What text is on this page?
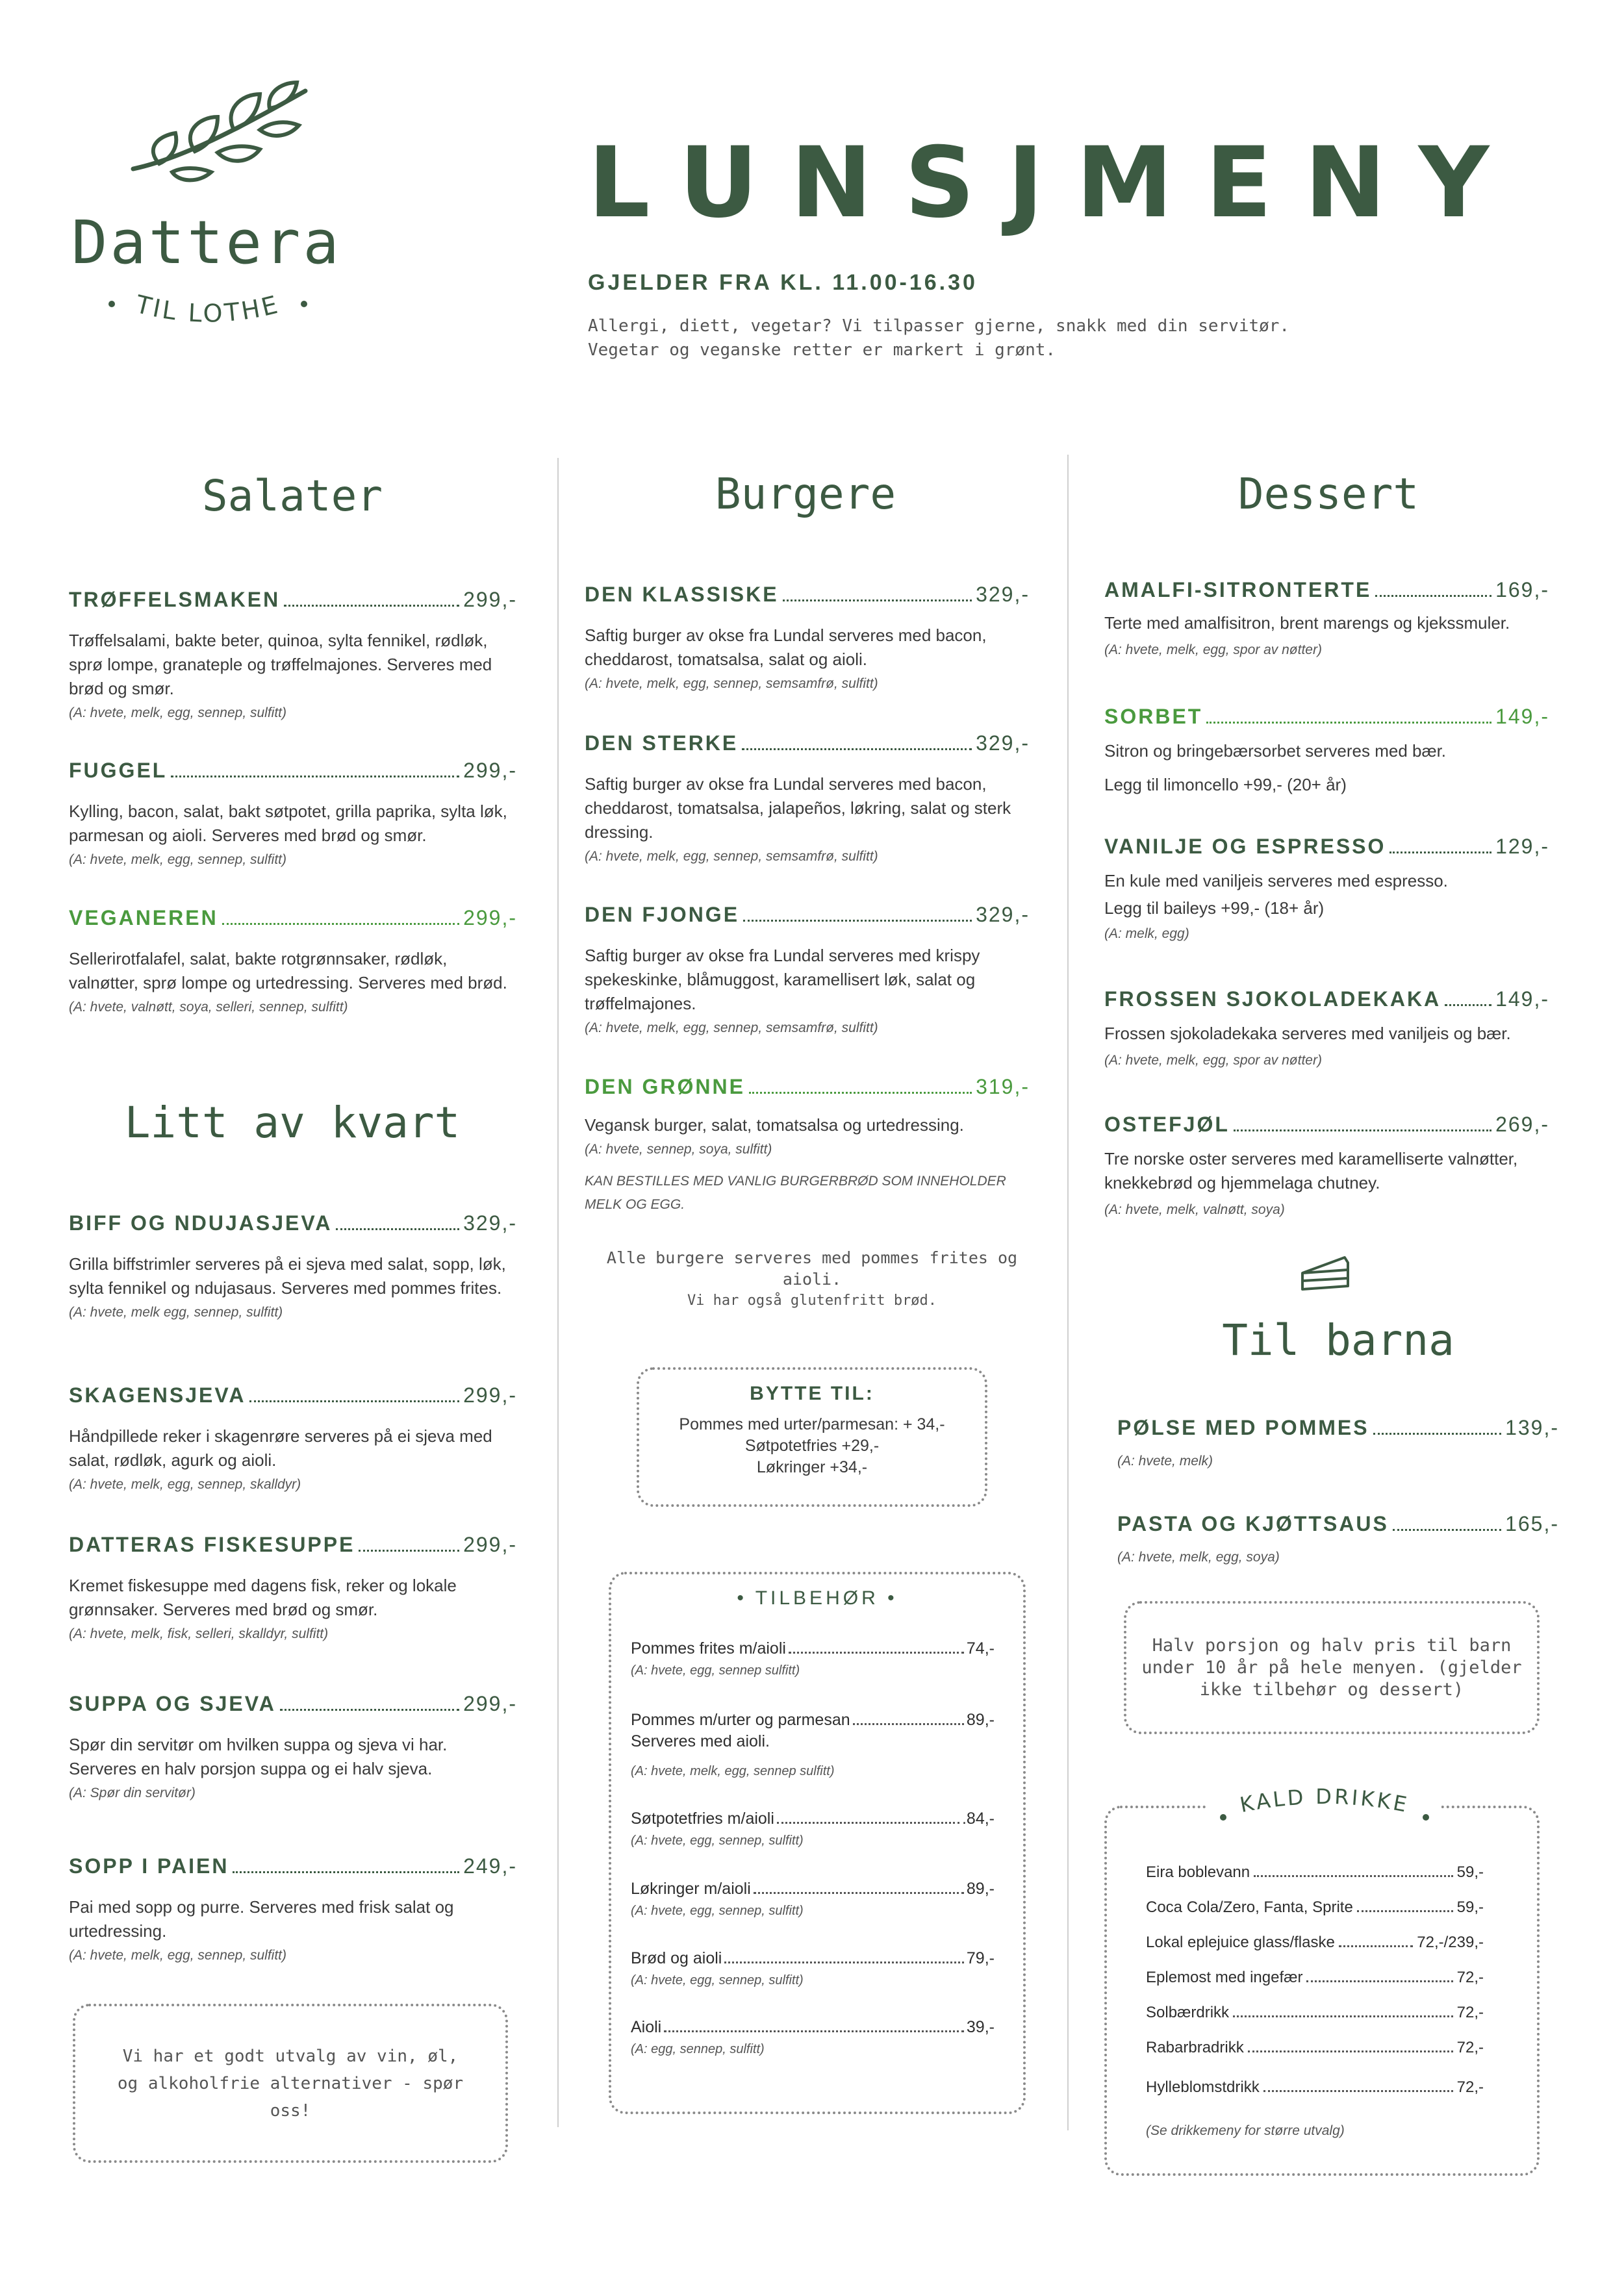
Dattera
TIL LOTHE
LUNSJMENY
GJELDER FRA KL. 11.00-16.30
Allergi, diett, vegetar? Vi tilpasser gjerne, snakk med din servitør.
Vegetar og veganske retter er markert i grønt.
Salater
TRØFFELSMAKEN	299,-
Trøffelsalami, bakte beter, quinoa, sylta fennikel, rødløk, sprø lompe, granateple og trøffelmajones. Serveres med brød og smør.
(A: hvete, melk, egg, sennep, sulfitt)
FUGGEL	299,-
Kylling, bacon, salat, bakt søtpotet, grilla paprika, sylta løk, parmesan og aioli. Serveres med brød og smør.
(A: hvete, melk, egg, sennep, sulfitt)
VEGANEREN	299,-
Sellerirotfalafel, salat, bakte rotgrønnsaker, rødløk, valnøtter, sprø lompe og urtedressing. Serveres med brød.
(A: hvete, valnøtt, soya, selleri, sennep, sulfitt)
Litt av kvart
BIFF OG NDUJASJEVA	329,-
Grilla biffstrimler serveres på ei sjeva med salat, sopp, løk, sylta fennikel og ndujasaus. Serveres med pommes frites.
(A: hvete, melk egg, sennep, sulfitt)
SKAGENSJEVA	299,-
Håndpillede reker i skagenrøre serveres på ei sjeva med salat, rødløk, agurk og aioli.
(A: hvete, melk, egg, sennep, skalldyr)
DATTERAS FISKESUPPE	299,-
Kremet fiskesuppe med dagens fisk, reker og lokale grønnsaker. Serveres med brød og smør.
(A: hvete, melk, fisk, selleri, skalldyr, sulfitt)
SUPPA OG SJEVA	299,-
Spør din servitør om hvilken suppa og sjeva vi har. Serveres en halv porsjon suppa og ei halv sjeva.
(A: Spør din servitør)
SOPP I PAIEN	249,-
Pai med sopp og purre. Serveres med frisk salat og urtedressing.
(A: hvete, melk, egg, sennep, sulfitt)
Vi har et godt utvalg av vin, øl, og alkoholfrie alternativer - spør oss!
Burgere
DEN KLASSISKE	329,-
Saftig burger av okse fra Lundal serveres med bacon, cheddarost, tomatsalsa, salat og aioli.
(A: hvete, melk, egg, sennep, semsamfrø, sulfitt)
DEN STERKE	329,-
Saftig burger av okse fra Lundal serveres med bacon, cheddarost, tomatsalsa, jalapeños, løkring, salat og sterk dressing.
(A: hvete, melk, egg, sennep, semsamfrø, sulfitt)
DEN FJONGE	329,-
Saftig burger av okse fra Lundal serveres med krispy spekeskinke, blåmuggost, karamellisert løk, salat og trøffelmajones.
(A: hvete, melk, egg, sennep, semsamfrø, sulfitt)
DEN GRØNNE	319,-
Vegansk burger, salat, tomatsalsa og urtedressing.
(A: hvete, sennep, soya, sulfitt)
KAN BESTILLES MED VANLIG BURGERBRØD SOM INNEHOLDER MELK OG EGG.
Alle burgere serveres med pommes frites og
aioli.
Vi har også glutenfritt brød.
BYTTE TIL:
Pommes med urter/parmesan: + 34,-
Søtpotetfries +29,-
Løkringer +34,-
• TILBEHØR •
Pommes frites m/aioli	74,-
(A: hvete, egg, sennep sulfitt)
Pommes m/urter og parmesan	89,-
Serveres med aioli.
(A: hvete, melk, egg, sennep sulfitt)
Søtpotetfries m/aioli	.84,-
(A: hvete, egg, sennep, sulfitt)
Løkringer m/aioli	89,-
(A: hvete, egg, sennep, sulfitt)
Brød og aioli	79,-
(A: hvete, egg, sennep, sulfitt)
Aioli	39,-
(A: egg, sennep, sulfitt)
Dessert
AMALFI-SITRONTERTE	169,-
Terte med amalfisitron, brent marengs og kjekssmuler.
(A: hvete, melk, egg, spor av nøtter)
SORBET	149,-
Sitron og bringebærsorbet serveres med bær.
Legg til limoncello +99,- (20+ år)
VANILJE OG ESPRESSO	129,-
En kule med vaniljeis serveres med espresso.
Legg til baileys +99,- (18+ år)
(A: melk, egg)
FROSSEN SJOKOLADEKAKA	149,-
Frossen sjokoladekaka serveres med vaniljeis og bær.
(A: hvete, melk, egg, spor av nøtter)
OSTEFJØL	269,-
Tre norske oster serveres med karamelliserte valnøtter, knekkebrød og hjemmelaga chutney.
(A: hvete, melk, valnøtt, soya)
Til barna
PØLSE MED POMMES	139,-
(A: hvete, melk)
PASTA OG KJØTTSAUS	165,-
(A: hvete, melk, egg, soya)
Halv porsjon og halv pris til barn under 10 år på hele menyen. (gjelder ikke tilbehør og dessert)
KALD DRIKKE
Eira boblevann	59,-
Coca Cola/Zero, Fanta, Sprite	59,-
Lokal eplejuice glass/flaske	72,-/239,-
Eplemost med ingefær	72,-
Solbærdrikk	72,-
Rabarbradrikk	72,-
Hylleblomstdrikk	72,-
(Se drikkemeny for større utvalg)
